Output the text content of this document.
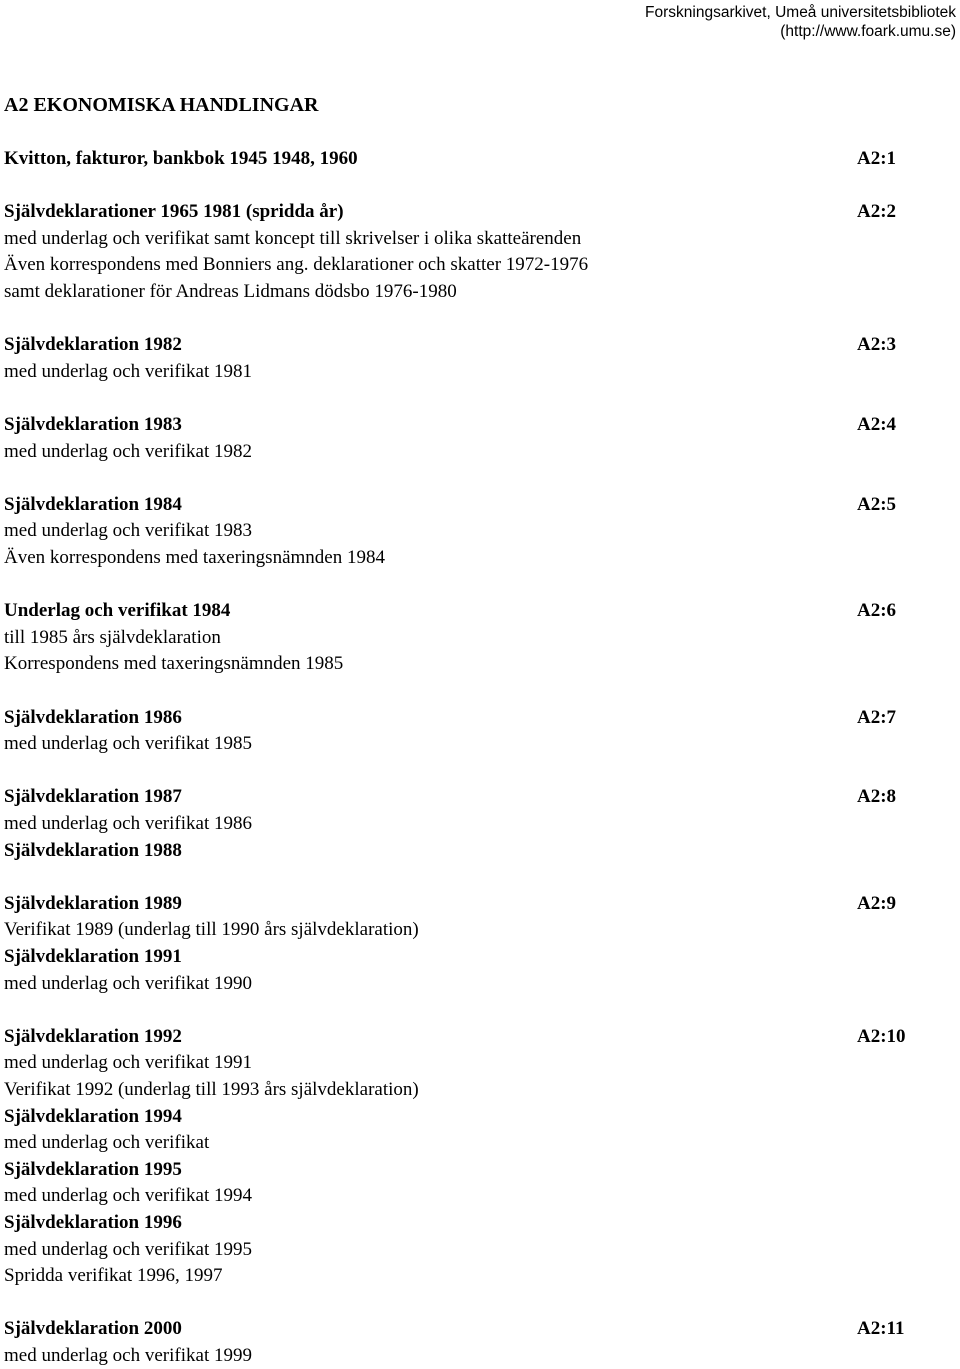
Forskningsarkivet, Umeå universitetsbibliotek
(http://www.foark.umu.se)
A2 EKONOMISKA HANDLINGAR
Kvitton, fakturor, bankbok 1945 1948, 1960	A2:1
Självdeklarationer 1965 1981 (spridda år)
med underlag och verifikat samt koncept till skrivelser i olika skatteärenden
Även korrespondens med Bonniers ang. deklarationer och skatter 1972-1976
samt deklarationer för Andreas Lidmans dödsbo 1976-1980
A2:2
Självdeklaration 1982
med underlag och verifikat 1981
A2:3
Självdeklaration 1983
med underlag och verifikat 1982
A2:4
Självdeklaration 1984
med underlag och verifikat 1983
Även korrespondens med taxeringsnämnden 1984
A2:5
Underlag och verifikat 1984
till 1985 års självdeklaration
Korrespondens med taxeringsnämnden 1985
A2:6
Självdeklaration 1986
med underlag och verifikat 1985
A2:7
Självdeklaration 1987
med underlag och verifikat 1986
Självdeklaration 1988
A2:8
Självdeklaration 1989
Verifikat 1989 (underlag till 1990 års självdeklaration)
Självdeklaration 1991
med underlag och verifikat 1990
A2:9
Självdeklaration 1992
med underlag och verifikat 1991
Verifikat 1992 (underlag till 1993 års självdeklaration)
Självdeklaration 1994
med underlag och verifikat
Självdeklaration 1995
med underlag och verifikat 1994
Självdeklaration 1996
med underlag och verifikat 1995
Spridda verifikat 1996, 1997
A2:10
Självdeklaration 2000
med underlag och verifikat 1999
A2:11
